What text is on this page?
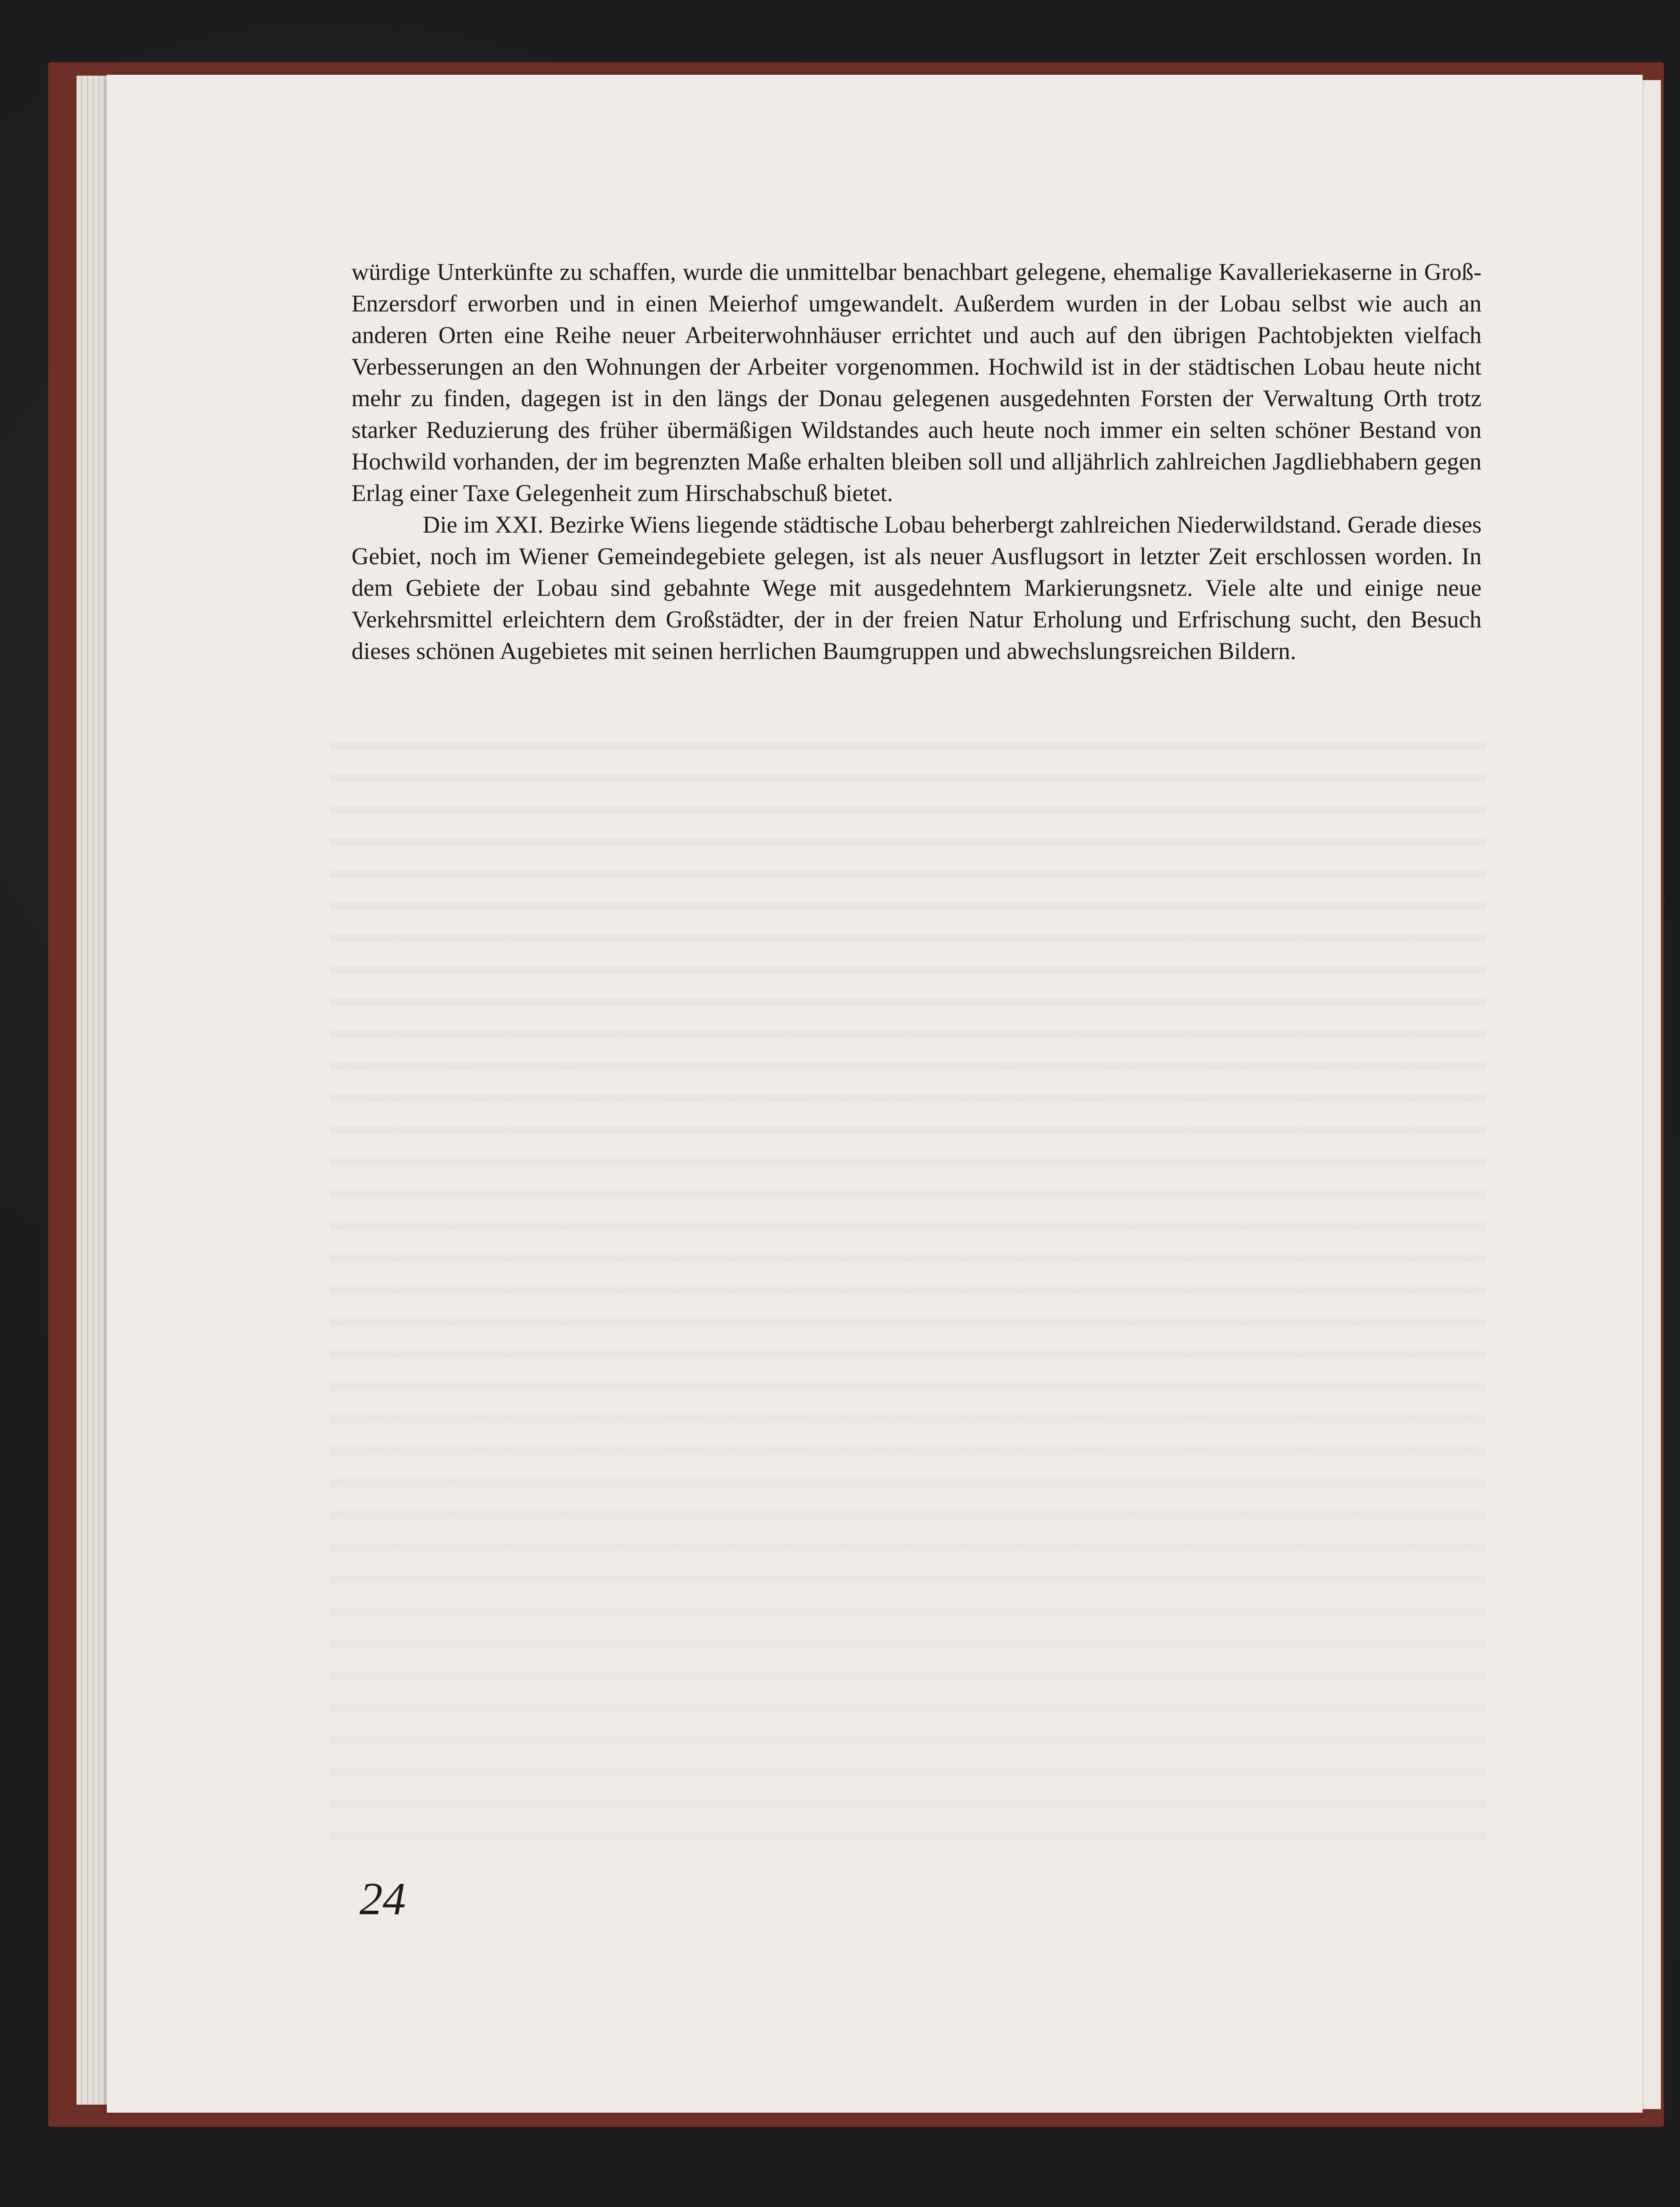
würdige Unterkünfte zu schaffen, wurde die unmittelbar benachbart gelegene, ehemalige Kavalleriekaserne in Groß-Enzersdorf erworben und in einen Meierhof umgewandelt. Außerdem wurden in der Lobau selbst wie auch an anderen Orten eine Reihe neuer Arbeiterwohnhäuser errichtet und auch auf den übrigen Pachtobjekten vielfach Verbesserungen an den Wohnungen der Arbeiter vorgenommen. Hochwild ist in der städtischen Lobau heute nicht mehr zu finden, dagegen ist in den längs der Donau gelegenen ausgedehnten Forsten der Verwaltung Orth trotz starker Reduzierung des früher übermäßigen Wildstandes auch heute noch immer ein selten schöner Bestand von Hochwild vorhanden, der im begrenzten Maße erhalten bleiben soll und alljährlich zahlreichen Jagdliebhabern gegen Erlag einer Taxe Gelegenheit zum Hirschabschuß bietet.

Die im XXI. Bezirke Wiens liegende städtische Lobau beherbergt zahlreichen Niederwildstand. Gerade dieses Gebiet, noch im Wiener Gemeindegebiete gelegen, ist als neuer Ausflugsort in letzter Zeit erschlossen worden. In dem Gebiete der Lobau sind gebahnte Wege mit ausgedehntem Markierungsnetz. Viele alte und einige neue Verkehrsmittel erleichtern dem Großstädter, der in der freien Natur Erholung und Erfrischung sucht, den Besuch dieses schönen Augebietes mit seinen herrlichen Baumgruppen und abwechslungsreichen Bildern.

24
